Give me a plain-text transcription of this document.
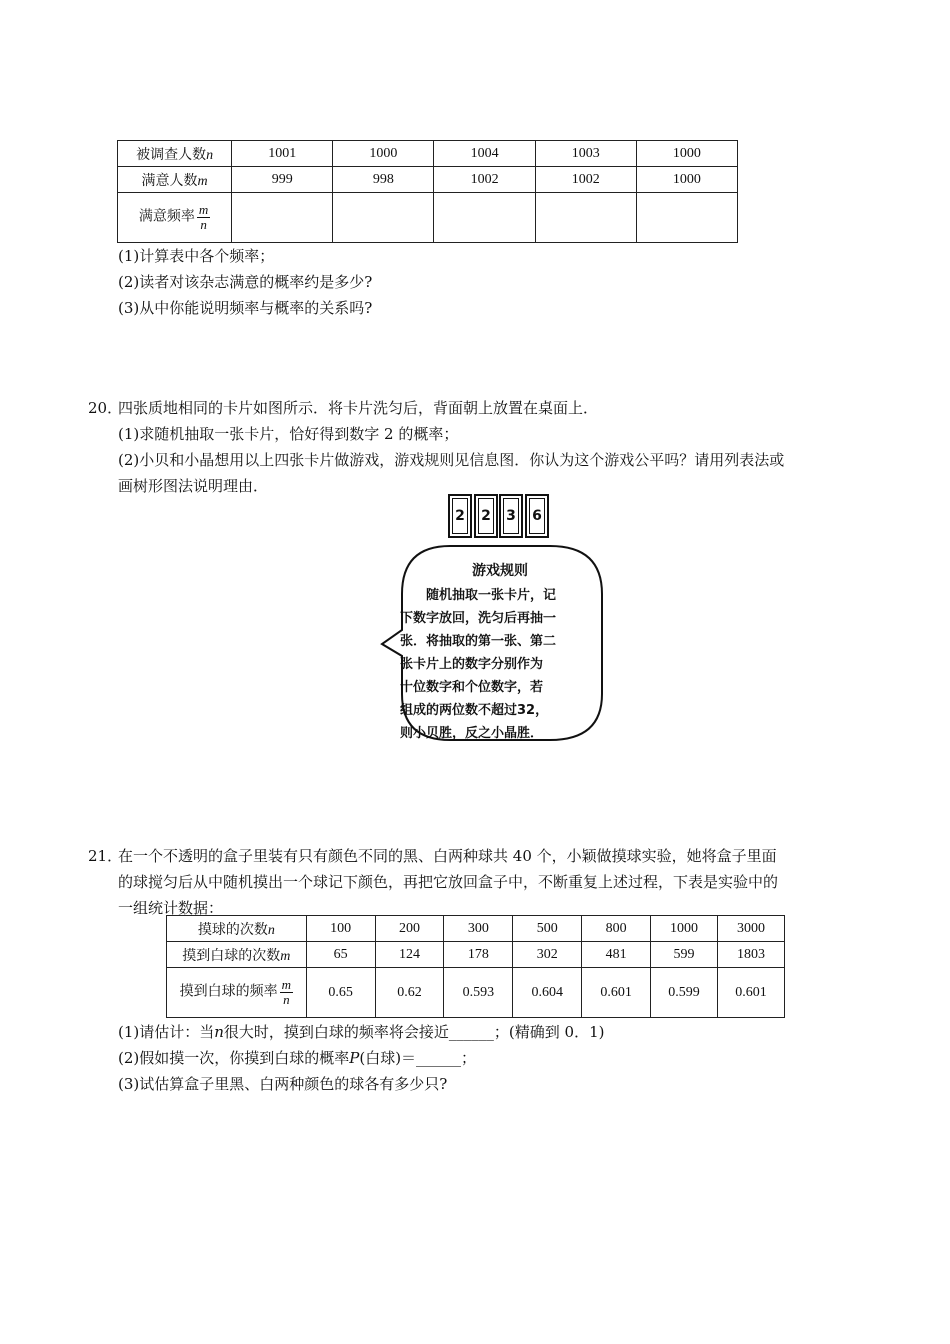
被调查人数n	1001	1000	1004	1003	1000
满意人数m	999	998	1002	1002	1000
满意频率 $\frac{m}{n}$

(1)计算表中各个频率；
(2)读者对该杂志满意的概率约是多少?
(3)从中你能说明频率与概率的关系吗?
20．
四张质地相同的卡片如图所示．将卡片洗匀后，背面朝上放置在桌面上．
(1)求随机抽取一张卡片，恰好得到数字 2 的概率；
(2)小贝和小晶想用以上四张卡片做游戏，游戏规则见信息图．你认为这个游戏公平吗？请用列表法或
画树形图法说明理由．
2 2 3 6
游戏规则
随机抽取一张卡片，记
下数字放回，洗匀后再抽一
张．将抽取的第一张、第二
张卡片上的数字分别作为
十位数字和个位数字，若
组成的两位数不超过32，
则小贝胜，反之小晶胜．
21．
在一个不透明的盒子里装有只有颜色不同的黑、白两种球共 40 个，小颖做摸球实验，她将盒子里面
的球搅匀后从中随机摸出一个球记下颜色，再把它放回盒子中，不断重复上述过程，下表是实验中的
一组统计数据：
摸球的次数n	100	200	300	500	800	1000	3000
摸到白球的次数m	65	124	178	302	481	599	1803
摸到白球的频率 $\frac{m}{n}$	0.65	0.62	0.593	0.604	0.601	0.599	0.601
(1)请估计：当n很大时，摸到白球的频率将会接近______；(精确到 0．1)
(2)假如摸一次，你摸到白球的概率P(白球)＝______；
(3)试估算盒子里黑、白两种颜色的球各有多少只?
